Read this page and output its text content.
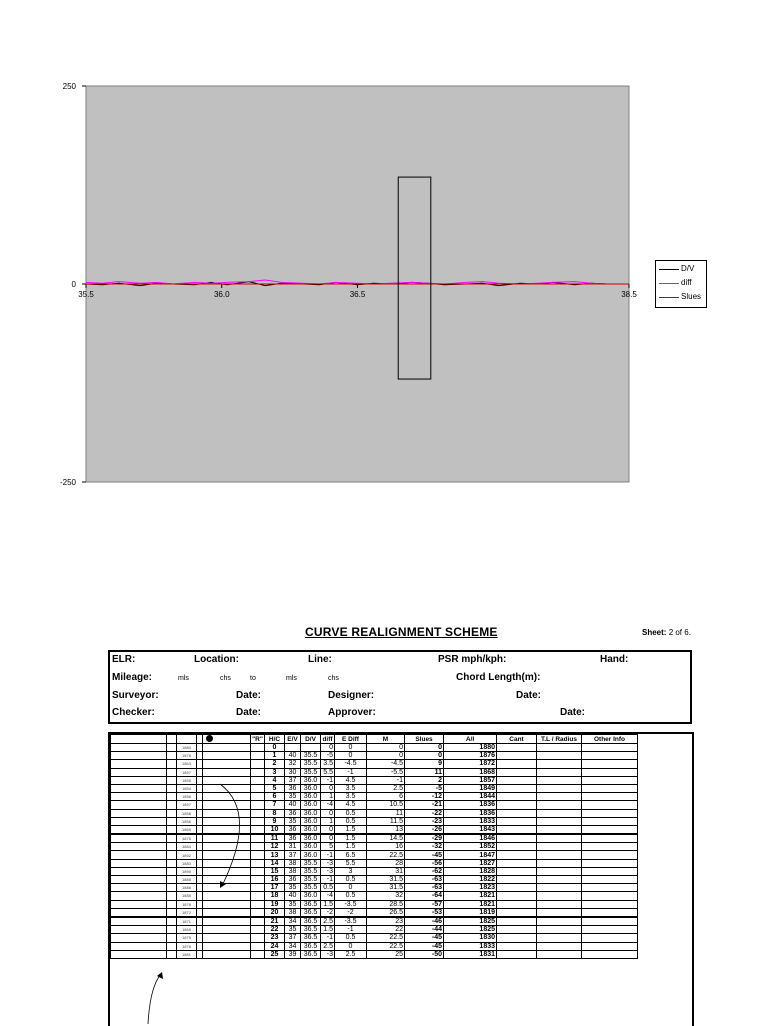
250
0
-250
35.5	36.0	36.5	38.5
D/V
diff
Slues
CURVE REALIGNMENT SCHEME	Sheet: 2 of 6.
ELR:	Location:	Line:	PSR mph/kph:	Hand:
Mileage:	mls	chs	to	mls	chs	Chord Length(m):
Surveyor:	Date:	Designer:	Date:
Checker:	Date:	Approver:	Date:

	"R"	H/C	E/V	D/V	diff	E Diff	M	Slues	A/I	Cant	T.L / Radius	Other Info
		1880				0			0	0	0	0	1880			
		1876				1	40	35.5	-5	0	0	0	1876			
		1863				2	32	35.5	3.5	-4.5	-4.5	9	1872			
		1857				3	30	35.5	5.5	-1	-5.5	11	1868			
		1855				4	37	36.0	-1	4.5	-1	2	1857			
		1854				5	36	36.0	0	3.5	2.5	-5	1849			
		1856				6	35	36.0	1	3.5	6	-12	1844			
		1857				7	40	36.0	-4	4.5	10.5	-21	1836			
		1858				8	36	36.0	0	0.5	11	-22	1836			
		1856				9	35	36.0	1	0.5	11.5	-23	1833			
		1869				10	36	36.0	0	1.5	13	-26	1843			
		1875				11	36	36.0	0	1.5	14.5	-29	1846			
		1884				12	31	36.0	5	1.5	16	-32	1852			
		1892				13	37	36.0	-1	6.5	22.5	-45	1847			
		1883				14	38	35.5	-3	5.5	28	-56	1827			
		1890				15	38	35.5	-3	3	31	-62	1828			
		1885				16	36	35.5	-1	0.5	31.5	-63	1822			
		1886				17	35	35.5	0.5	0	31.5	-63	1823			
		1885				18	40	36.0	-4	0.5	32	-64	1821			
		1878				19	35	36.5	1.5	-3.5	28.5	-57	1821			
		1872				20	38	36.5	-2	-2	26.5	-53	1819			
		1871				21	34	36.5	2.5	-3.5	23	-46	1825			
		1869				22	35	36.5	1.5	-1	22	-44	1825			
		1875				23	37	36.5	-1	0.5	22.5	-45	1830			
		1878				24	34	36.5	2.5	0	22.5	-45	1833			
		1881				25	39	36.5	-3	2.5	25	-50	1831			
